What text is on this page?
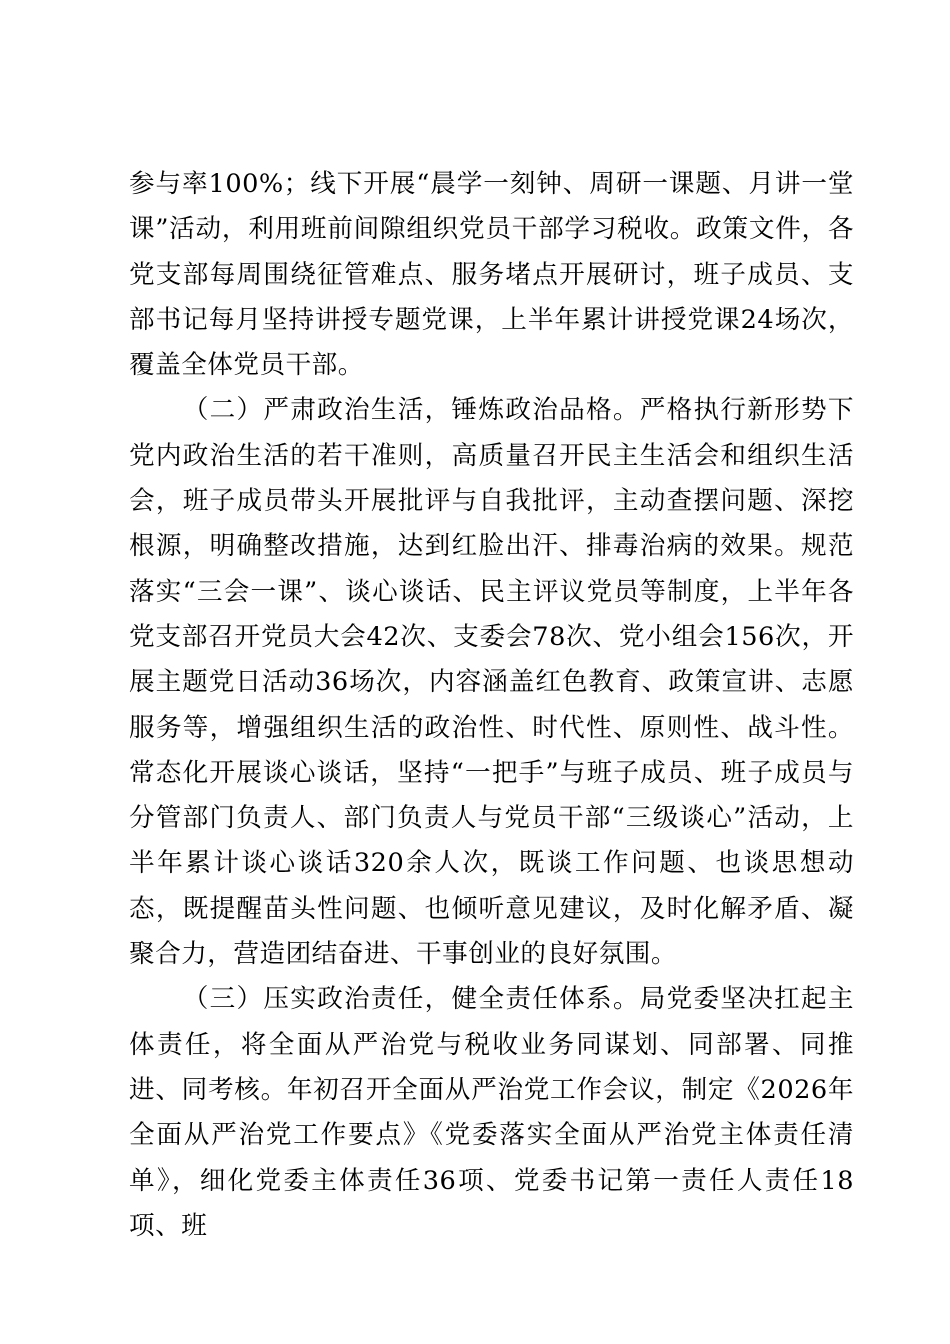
参与率100%；线下开展“晨学一刻钟、周研一课题、月讲一堂课”活动，利用班前间隙组织党员干部学习税收。政策文件，各党支部每周围绕征管难点、服务堵点开展研讨，班子成员、支部书记每月坚持讲授专题党课，上半年累计讲授党课24场次，覆盖全体党员干部。

（二）严肃政治生活，锤炼政治品格。严格执行新形势下党内政治生活的若干准则，高质量召开民主生活会和组织生活会，班子成员带头开展批评与自我批评，主动查摆问题、深挖根源，明确整改措施，达到红脸出汗、排毒治病的效果。规范落实“三会一课”、谈心谈话、民主评议党员等制度，上半年各党支部召开党员大会42次、支委会78次、党小组会156次，开展主题党日活动36场次，内容涵盖红色教育、政策宣讲、志愿服务等，增强组织生活的政治性、时代性、原则性、战斗性。常态化开展谈心谈话，坚持“一把手”与班子成员、班子成员与分管部门负责人、部门负责人与党员干部“三级谈心”活动，上半年累计谈心谈话320余人次，既谈工作问题、也谈思想动态，既提醒苗头性问题、也倾听意见建议，及时化解矛盾、凝聚合力，营造团结奋进、干事创业的良好氛围。

（三）压实政治责任，健全责任体系。局党委坚决扛起主体责任，将全面从严治党与税收业务同谋划、同部署、同推进、同考核。年初召开全面从严治党工作会议，制定《2026年全面从严治党工作要点》《党委落实全面从严治党主体责任清单》，细化党委主体责任36项、党委书记第一责任人责任18项、班
